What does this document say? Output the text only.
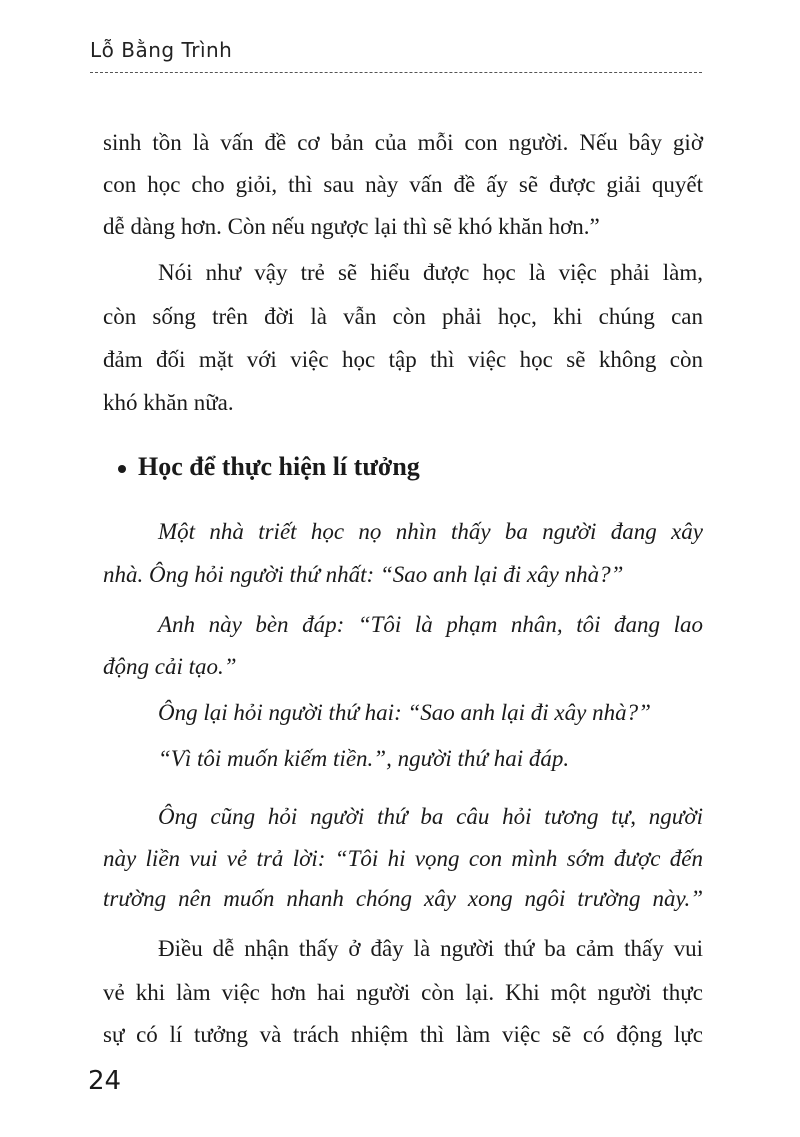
Lỗ Bằng Trình
sinh tồn là vấn đề cơ bản của mỗi con người. Nếu bây giờ
con học cho giỏi, thì sau này vấn đề ấy sẽ được giải quyết
dễ dàng hơn. Còn nếu ngược lại thì sẽ khó khăn hơn.”
Nói như vậy trẻ sẽ hiểu được học là việc phải làm,
còn sống trên đời là vẫn còn phải học, khi chúng can
đảm đối mặt với việc học tập thì việc học sẽ không còn
khó khăn nữa.
Học để thực hiện lí tưởng
Một nhà triết học nọ nhìn thấy ba người đang xây
nhà. Ông hỏi người thứ nhất: “Sao anh lại đi xây nhà?”
Anh này bèn đáp: “Tôi là phạm nhân, tôi đang lao
động cải tạo.”
Ông lại hỏi người thứ hai: “Sao anh lại đi xây nhà?”
“Vì tôi muốn kiếm tiền.”, người thứ hai đáp.
Ông cũng hỏi người thứ ba câu hỏi tương tự, người
này liền vui vẻ trả lời: “Tôi hi vọng con mình sớm được đến
trường nên muốn nhanh chóng xây xong ngôi trường này.”
Điều dễ nhận thấy ở đây là người thứ ba cảm thấy vui
vẻ khi làm việc hơn hai người còn lại. Khi một người thực
sự có lí tưởng và trách nhiệm thì làm việc sẽ có động lực
24
